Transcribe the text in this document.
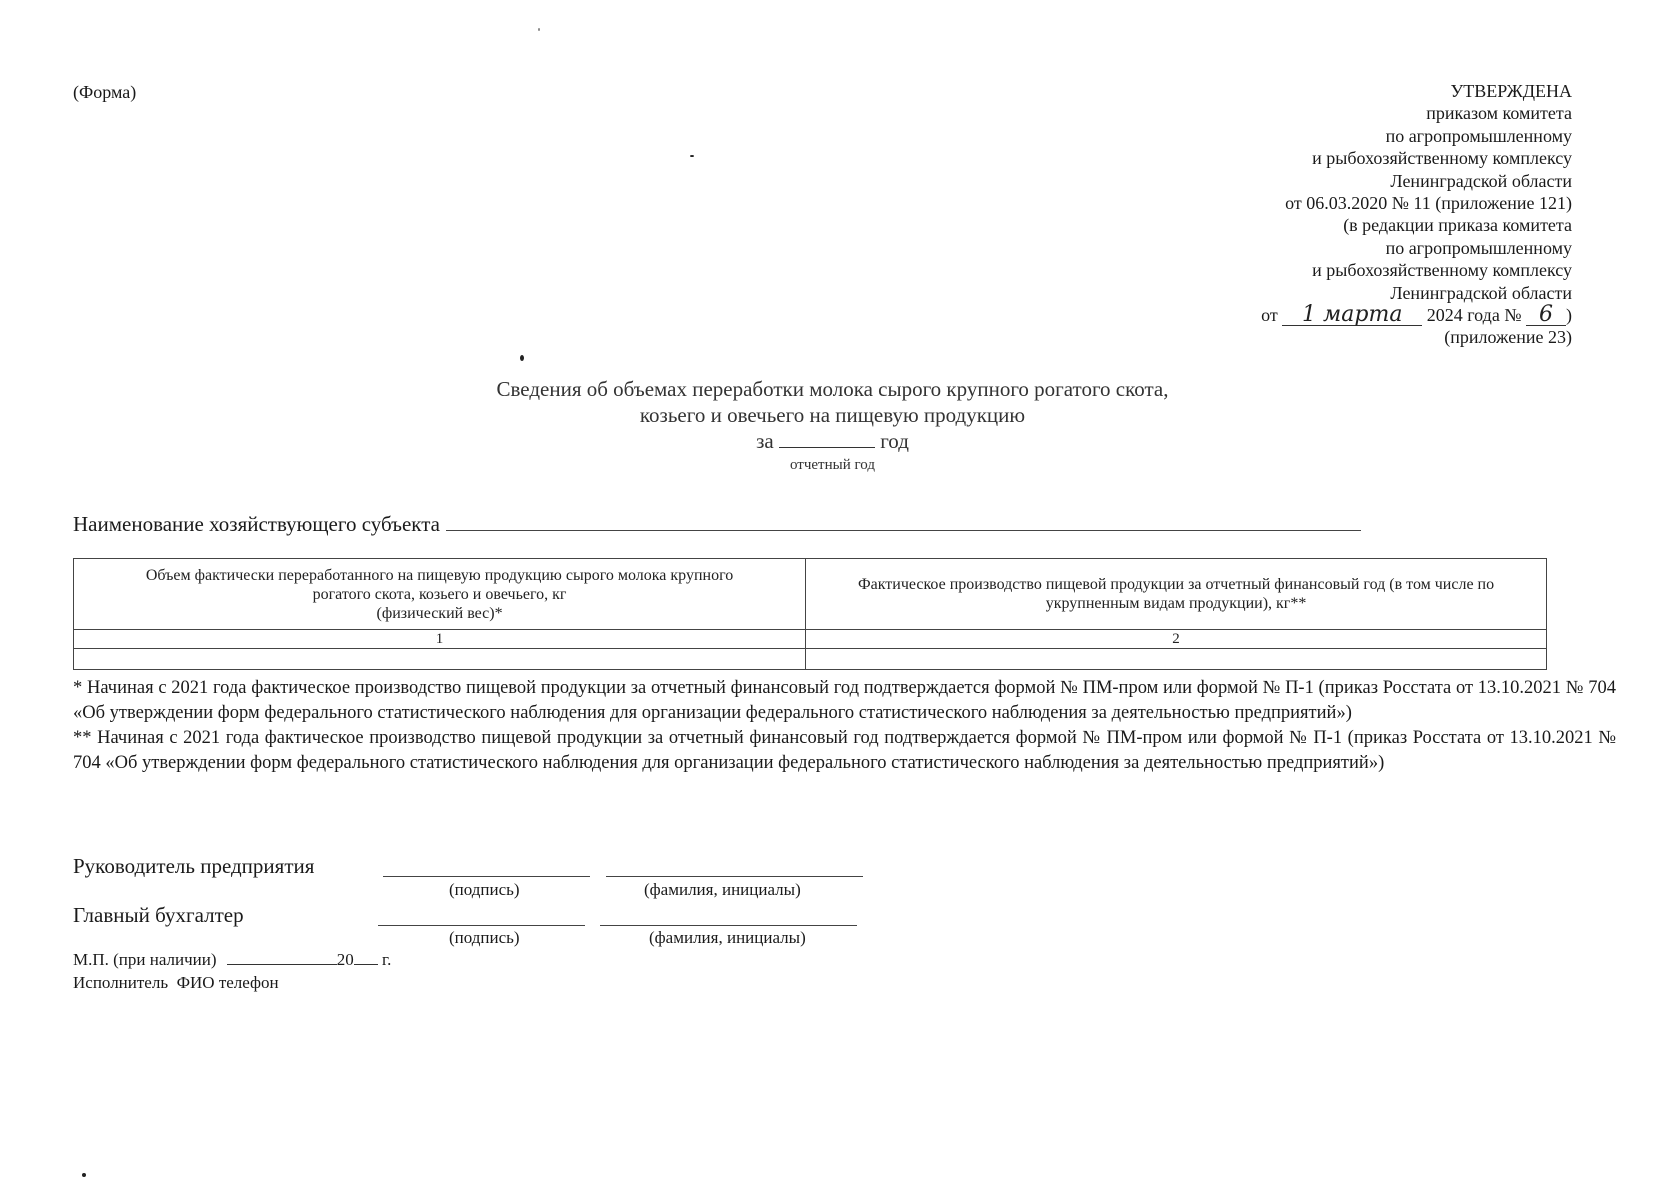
(Форма)	УТВЕРЖДЕНА
приказом комитета
по агропромышленному
и рыбохозяйственному комплексу
Ленинградской области
от 06.03.2020 № 11 (приложение 121)
(в редакции приказа комитета
по агропромышленному
и рыбохозяйственному комплексу
Ленинградской области
от 1 марта 2024 года № 6 )
(приложение 23)
Сведения об объемах переработки молока сырого крупного рогатого скота,
козьего и овечьего на пищевую продукцию
за	год
отчетный год
Наименование хозяйствующего субъекта
Объем фактически переработанного на пищевую продукцию сырого молока крупного
рогатого скота, козьего и овечьего, кг
(физический вес)*	Фактическое производство пищевой продукции за отчетный финансовый год (в том числе по укрупненным видам продукции), кг**
1	2

* Начиная с 2021 года фактическое производство пищевой продукции за отчетный финансовый год подтверждается формой № ПМ-пром или формой № П-1 (приказ Росстата от 13.10.2021 № 704 «Об утверждении форм федерального статистического наблюдения для организации федерального статистического наблюдения за деятельностью предприятий»)

** Начиная с 2021 года фактическое производство пищевой продукции за отчетный финансовый год подтверждается формой № ПМ-пром или формой № П-1 (приказ Росстата от 13.10.2021 № 704 «Об утверждении форм федерального статистического наблюдения для организации федерального статистического наблюдения за деятельностью предприятий»)

Руководитель предприятия
(подпись)	(фамилия, инициалы)
Главный бухгалтер
(подпись)	(фамилия, инициалы)
М.П. (при наличии)	20 г.
Исполнитель  ФИО телефон
